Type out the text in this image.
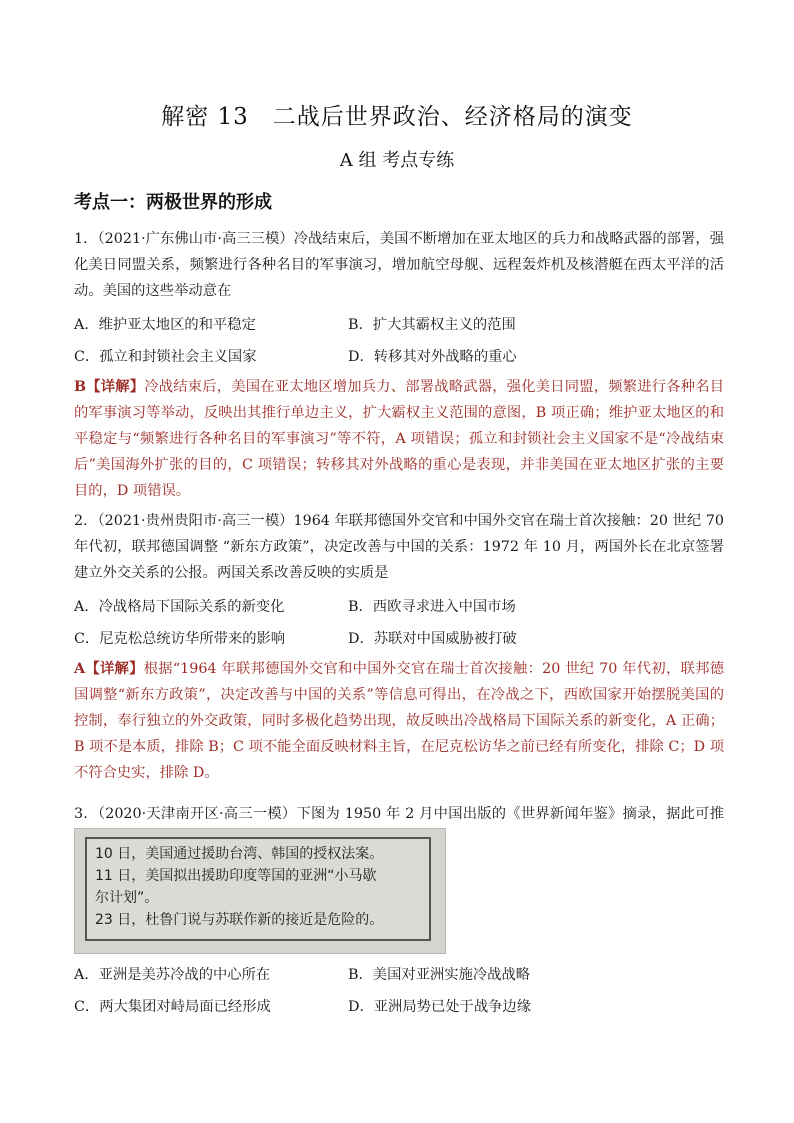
解密 13　二战后世界政治、经济格局的演变
A 组 考点专练
考点一：两极世界的形成

1．（2021·广东佛山市·高三三模）冷战结束后，美国不断增加在亚太地区的兵力和战略武器的部署，强化美日同盟关系，频繁进行各种名目的军事演习，增加航空母舰、远程轰炸机及核潜艇在西太平洋的活动。美国的这些举动意在

A．维护亚太地区的和平稳定	B．扩大其霸权主义的范围
C．孤立和封锁社会主义国家	D．转移其对外战略的重心

B【详解】冷战结束后，美国在亚太地区增加兵力、部署战略武器，强化美日同盟，频繁进行各种名目的军事演习等举动，反映出其推行单边主义，扩大霸权主义范围的意图，B 项正确；维护亚太地区的和平稳定与“频繁进行各种名目的军事演习”等不符，A 项错误；孤立和封锁社会主义国家不是“冷战结束后”美国海外扩张的目的，C 项错误；转移其对外战略的重心是表现，并非美国在亚太地区扩张的主要目的，D 项错误。

2．（2021·贵州贵阳市·高三一模）1964 年联邦德国外交官和中国外交官在瑞士首次接触：20 世纪 70 年代初，联邦德国调整 “新东方政策”，决定改善与中国的关系：1972 年 10 月，两国外长在北京签署建立外交关系的公报。两国关系改善反映的实质是

A．冷战格局下国际关系的新变化	B．西欧寻求进入中国市场
C．尼克松总统访华所带来的影响	D．苏联对中国威胁被打破

A【详解】根据“1964 年联邦德国外交官和中国外交官在瑞士首次接触：20 世纪 70 年代初，联邦德国调整“新东方政策”，决定改善与中国的关系”等信息可得出，在冷战之下，西欧国家开始摆脱美国的控制，奉行独立的外交政策，同时多极化趋势出现，故反映出冷战格局下国际关系的新变化，A 正确；B 项不是本质，排除 B；C 项不能全面反映材料主旨，在尼克松访华之前已经有所变化，排除 C；D 项不符合史实，排除 D。

3．（2020·天津南开区·高三一模）下图为 1950 年 2 月中国出版的《世界新闻年鉴》摘录，据此可推

10 日，美国通过援助台湾、韩国的授权法案。
11 日，美国拟出援助印度等国的亚洲“小马歇
尔计划”。
23 日，杜鲁门说与苏联作新的接近是危险的。
A．亚洲是美苏冷战的中心所在	B．美国对亚洲实施冷战战略
C．两大集团对峙局面已经形成	D．亚洲局势已处于战争边缘
